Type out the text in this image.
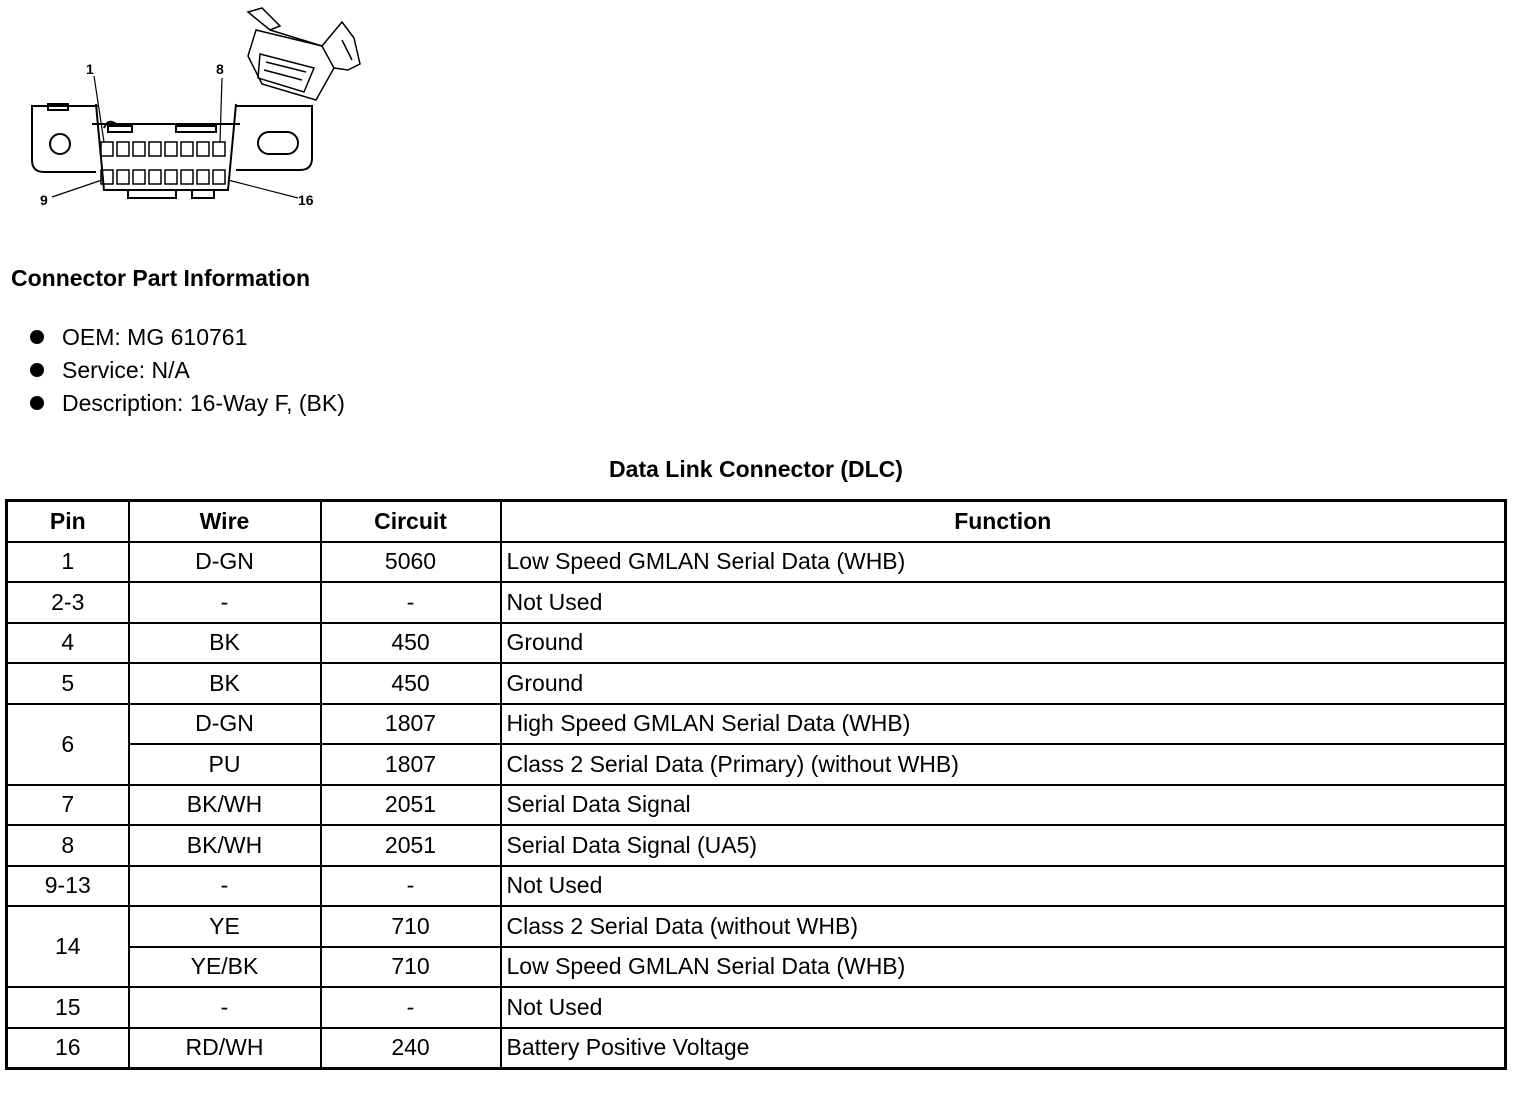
1	8
9	16
Connector Part Information
OEM: MG 610761
Service: N/A
Description: 16-Way F, (BK)
Data Link Connector (DLC)
Pin	Wire	Circuit	Function
1	D-GN	5060	Low Speed GMLAN Serial Data (WHB)
2-3	-	-	Not Used
4	BK	450	Ground
5	BK	450	Ground
6	D-GN	1807	High Speed GMLAN Serial Data (WHB)
	PU	1807	Class 2 Serial Data (Primary) (without WHB)
7	BK/WH	2051	Serial Data Signal
8	BK/WH	2051	Serial Data Signal (UA5)
9-13	-	-	Not Used
14	YE	710	Class 2 Serial Data (without WHB)
	YE/BK	710	Low Speed GMLAN Serial Data (WHB)
15	-	-	Not Used
16	RD/WH	240	Battery Positive Voltage
